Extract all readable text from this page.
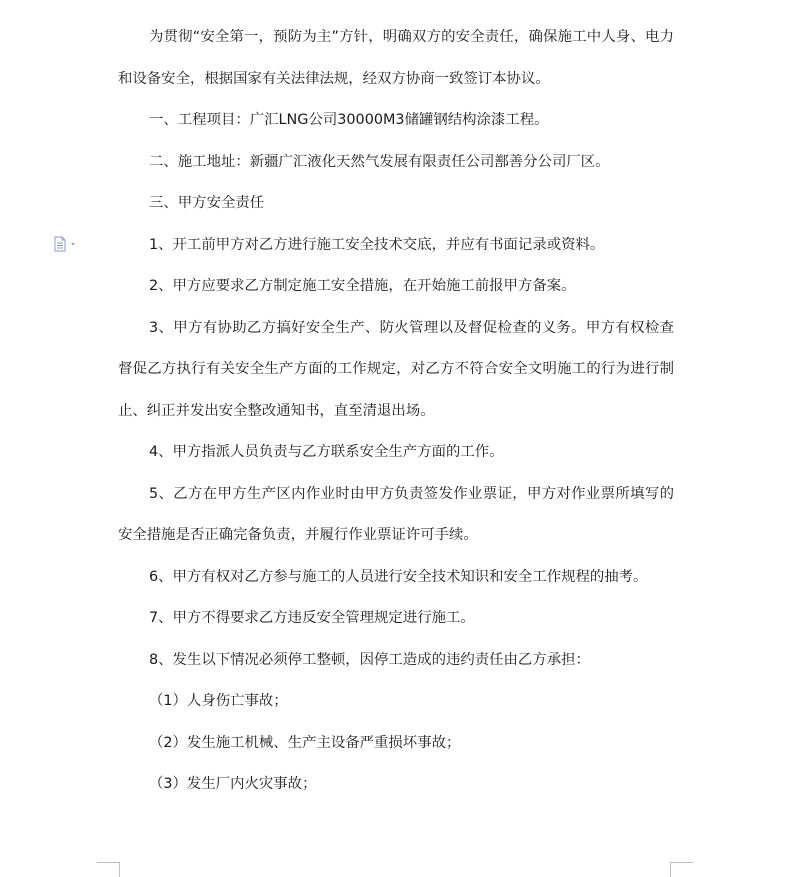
为贯彻“安全第一，预防为主”方针，明确双方的安全责任，确保施工中人身、电力和设备安全，根据国家有关法律法规，经双方协商一致签订本协议。

一、工程项目：广汇LNG公司30000M3储罐钢结构涂漆工程。

二、施工地址：新疆广汇液化天然气发展有限责任公司鄯善分公司厂区。

三、甲方安全责任

1、开工前甲方对乙方进行施工安全技术交底，并应有书面记录或资料。

2、甲方应要求乙方制定施工安全措施，在开始施工前报甲方备案。

3、甲方有协助乙方搞好安全生产、防火管理以及督促检查的义务。甲方有权检查督促乙方执行有关安全生产方面的工作规定，对乙方不符合安全文明施工的行为进行制止、纠正并发出安全整改通知书，直至清退出场。

4、甲方指派人员负责与乙方联系安全生产方面的工作。

5、乙方在甲方生产区内作业时由甲方负责签发作业票证，甲方对作业票所填写的安全措施是否正确完备负责，并履行作业票证许可手续。

6、甲方有权对乙方参与施工的人员进行安全技术知识和安全工作规程的抽考。

7、甲方不得要求乙方违反安全管理规定进行施工。

8、发生以下情况必须停工整顿，因停工造成的违约责任由乙方承担：

（1）人身伤亡事故；

（2）发生施工机械、生产主设备严重损坏事故；

（3）发生厂内火灾事故；
